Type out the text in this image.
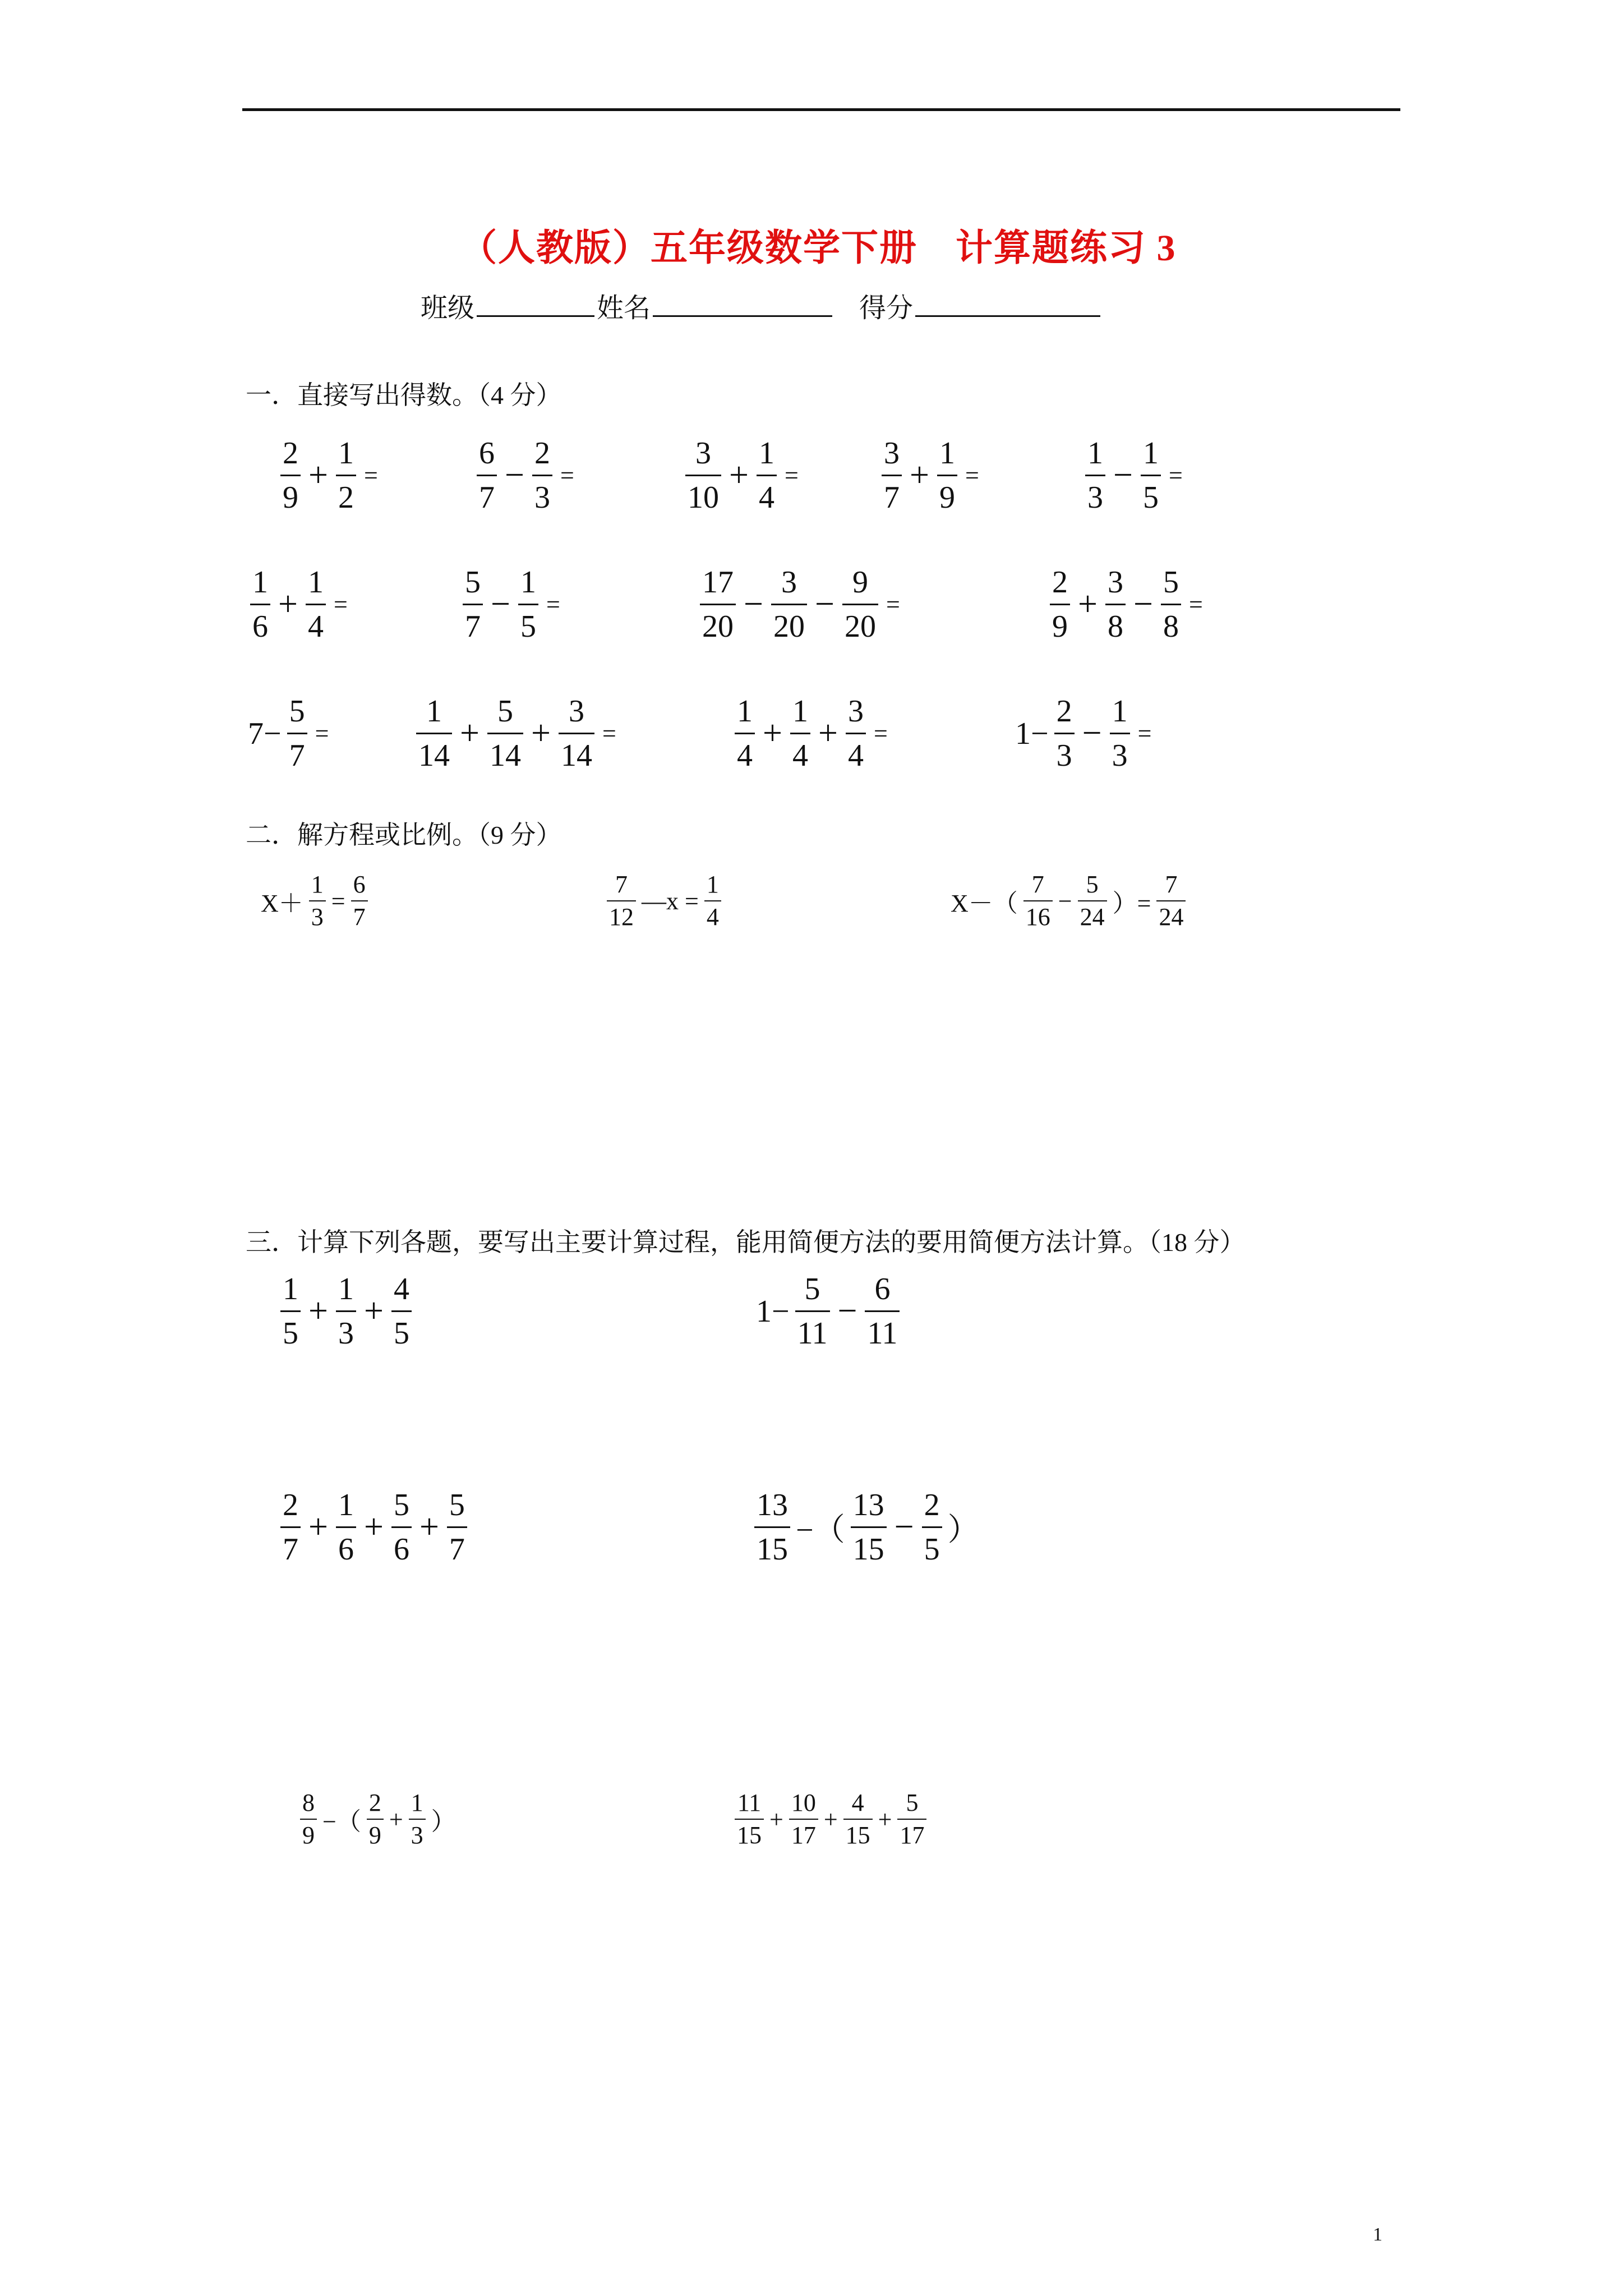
（人教版）五年级数学下册　计算题练习 3
班级	姓名	得分
一．直接写出得数。（4 分）
$\frac{2}{9} + \frac{1}{2}$ =	$\frac{6}{7} - \frac{2}{3}$ =	$\frac{3}{10} + \frac{1}{4}$ =	$\frac{3}{7} + \frac{1}{9}$ =	$\frac{1}{3} - \frac{1}{5}$ =
$\frac{1}{6} + \frac{1}{4}$ =	$\frac{5}{7} - \frac{1}{5}$ =	$\frac{17}{20} - \frac{3}{20} - \frac{9}{20}$ =	$\frac{2}{9} + \frac{3}{8} - \frac{5}{8}$ =
$7- \frac{5}{7}$ =	$\frac{1}{14} + \frac{5}{14} + \frac{3}{14}$ =	$\frac{1}{4} + \frac{1}{4} + \frac{3}{4}$ =	$1- \frac{2}{3} - \frac{1}{3}$ =
二．解方程或比例。（9 分）
$X+ \frac{1}{3} = \frac{6}{7}$	$\frac{7}{12}$ —x = $\frac{1}{4}$	$X-( \frac{7}{16} - \frac{5}{24}$ ）= $\frac{7}{24}$
三．计算下列各题，要写出主要计算过程，能用简便方法的要用简便方法计算。（18 分）
$\frac{1}{5} + \frac{1}{3} + \frac{4}{5}$	$1- \frac{5}{11} - \frac{6}{11}$
$\frac{2}{7} + \frac{1}{6} + \frac{5}{6} + \frac{5}{7}$	$\frac{13}{15}$ −（ $\frac{13}{15} - \frac{2}{5}$ ）
$\frac{8}{9}$ −（ $\frac{2}{9} + \frac{1}{3}$ ）	$\frac{11}{15} + \frac{10}{17} + \frac{4}{15} + \frac{5}{17}$
1
